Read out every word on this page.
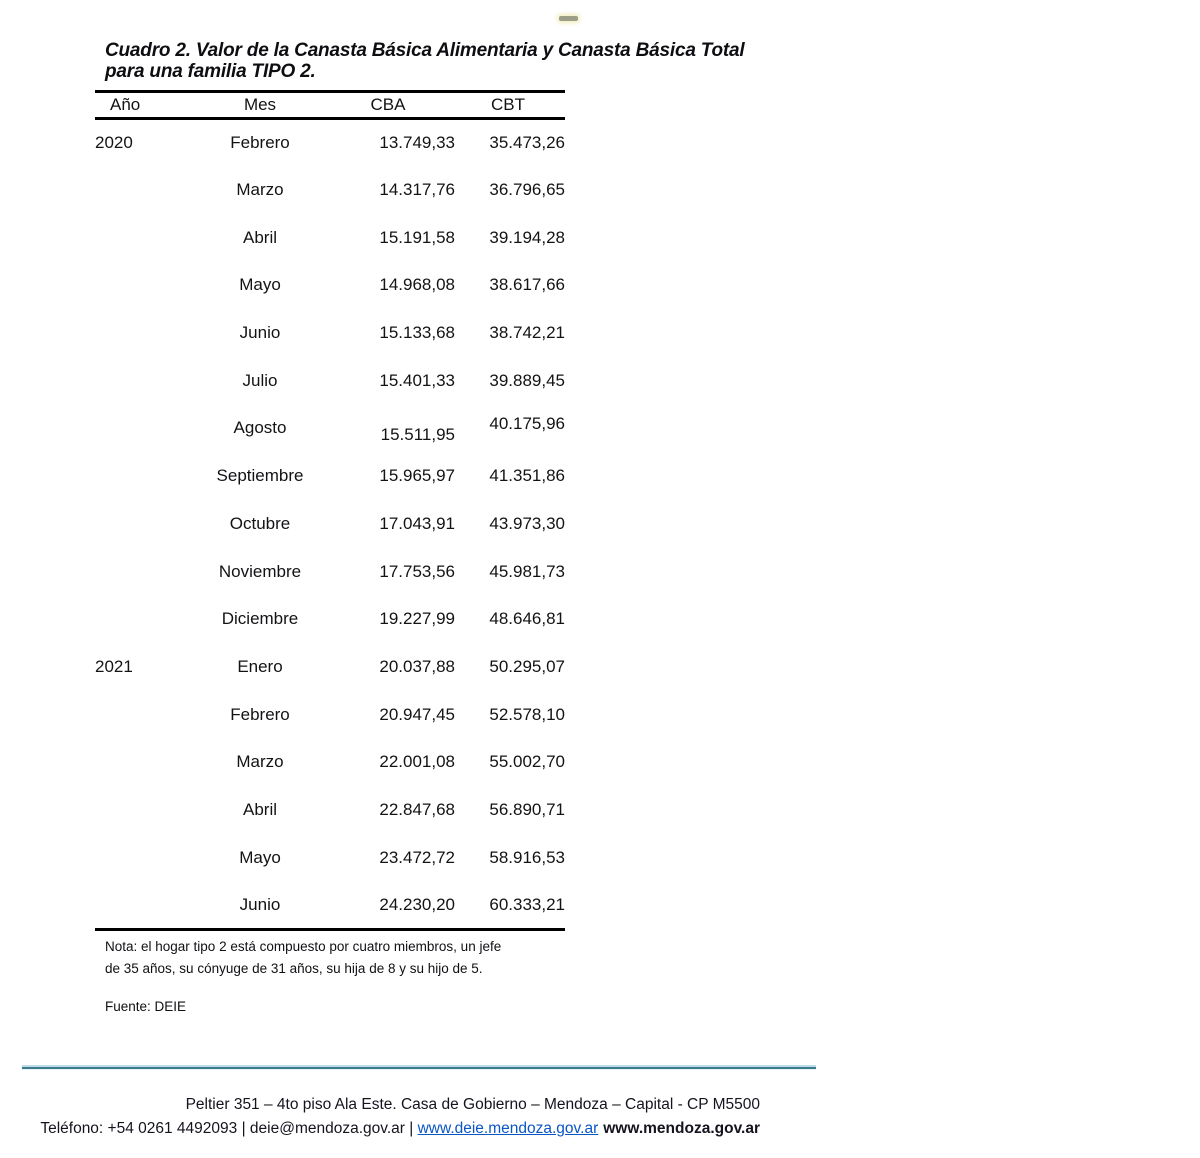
Cuadro 2. Valor de la Canasta Básica Alimentaria y Canasta Básica Total
para una familia TIPO 2.
Año	Mes	CBA	CBT
2020	Febrero	13.749,33	35.473,26
	Marzo	14.317,76	36.796,65
	Abril	15.191,58	39.194,28
	Mayo	14.968,08	38.617,66
	Junio	15.133,68	38.742,21
	Julio	15.401,33	39.889,45
	Agosto	15.511,95	40.175,96
	Septiembre	15.965,97	41.351,86
	Octubre	17.043,91	43.973,30
	Noviembre	17.753,56	45.981,73
	Diciembre	19.227,99	48.646,81
2021	Enero	20.037,88	50.295,07
	Febrero	20.947,45	52.578,10
	Marzo	22.001,08	55.002,70
	Abril	22.847,68	56.890,71
	Mayo	23.472,72	58.916,53
	Junio	24.230,20	60.333,21
Nota: el hogar tipo 2 está compuesto por cuatro miembros, un jefe
de 35 años, su cónyuge de 31 años, su hija de 8 y su hijo de 5.
Fuente: DEIE
Peltier 351 – 4to piso Ala Este. Casa de Gobierno – Mendoza – Capital - CP M5500
Teléfono: +54 0261 4492093 | deie@mendoza.gov.ar | www.deie.mendoza.gov.ar www.mendoza.gov.ar
